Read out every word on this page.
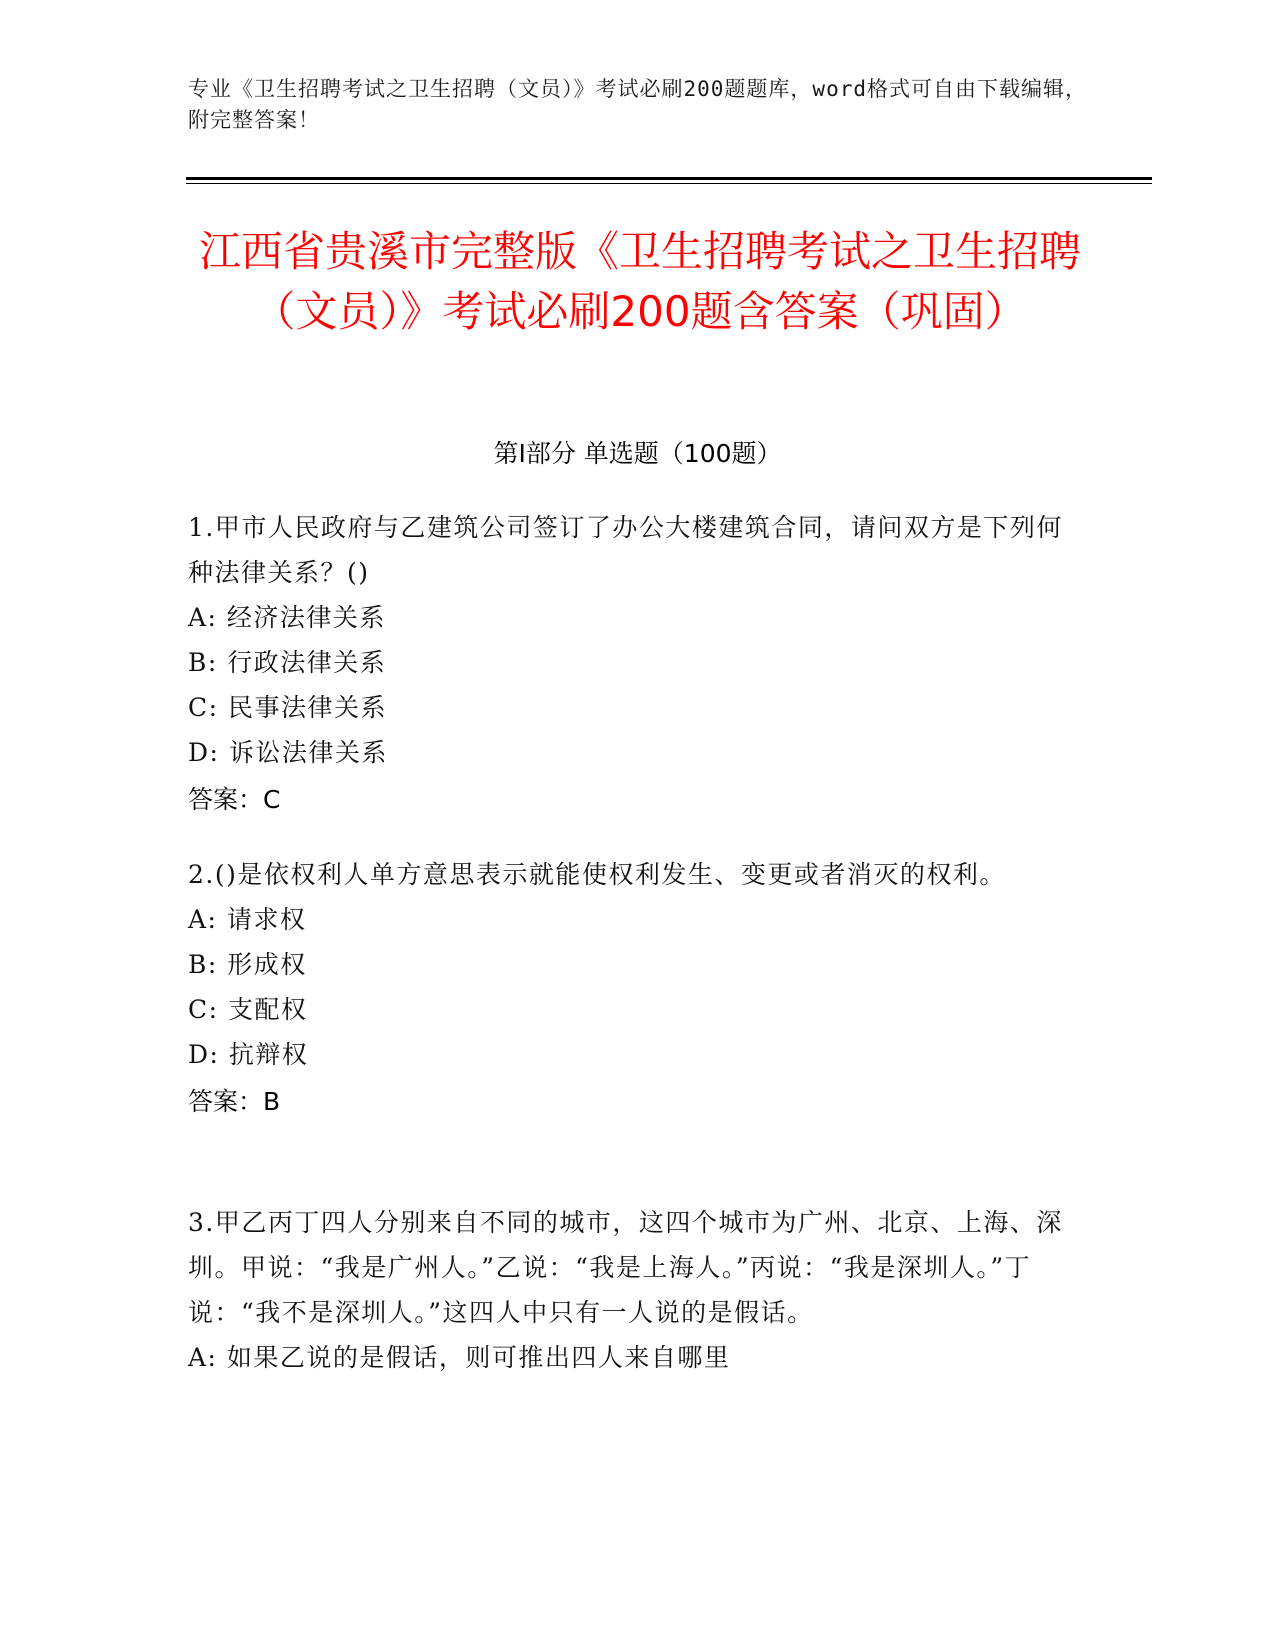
专业《卫生招聘考试之卫生招聘（文员）》考试必刷200题题库，word格式可自由下载编辑，附完整答案！
江西省贵溪市完整版《卫生招聘考试之卫生招聘（文员）》考试必刷200题含答案（巩固）
第I部分 单选题（100题）
1.甲市人民政府与乙建筑公司签订了办公大楼建筑合同，请问双方是下列何种法律关系？()
A: 经济法律关系
B: 行政法律关系
C: 民事法律关系
D: 诉讼法律关系
答案：C
2.()是依权利人单方意思表示就能使权利发生、变更或者消灭的权利。
A: 请求权
B: 形成权
C: 支配权
D: 抗辩权
答案：B
3.甲乙丙丁四人分别来自不同的城市，这四个城市为广州、北京、上海、深圳。甲说：“我是广州人。”乙说：“我是上海人。”丙说：“我是深圳人。”丁说：“我不是深圳人。”这四人中只有一人说的是假话。
A: 如果乙说的是假话，则可推出四人来自哪里
